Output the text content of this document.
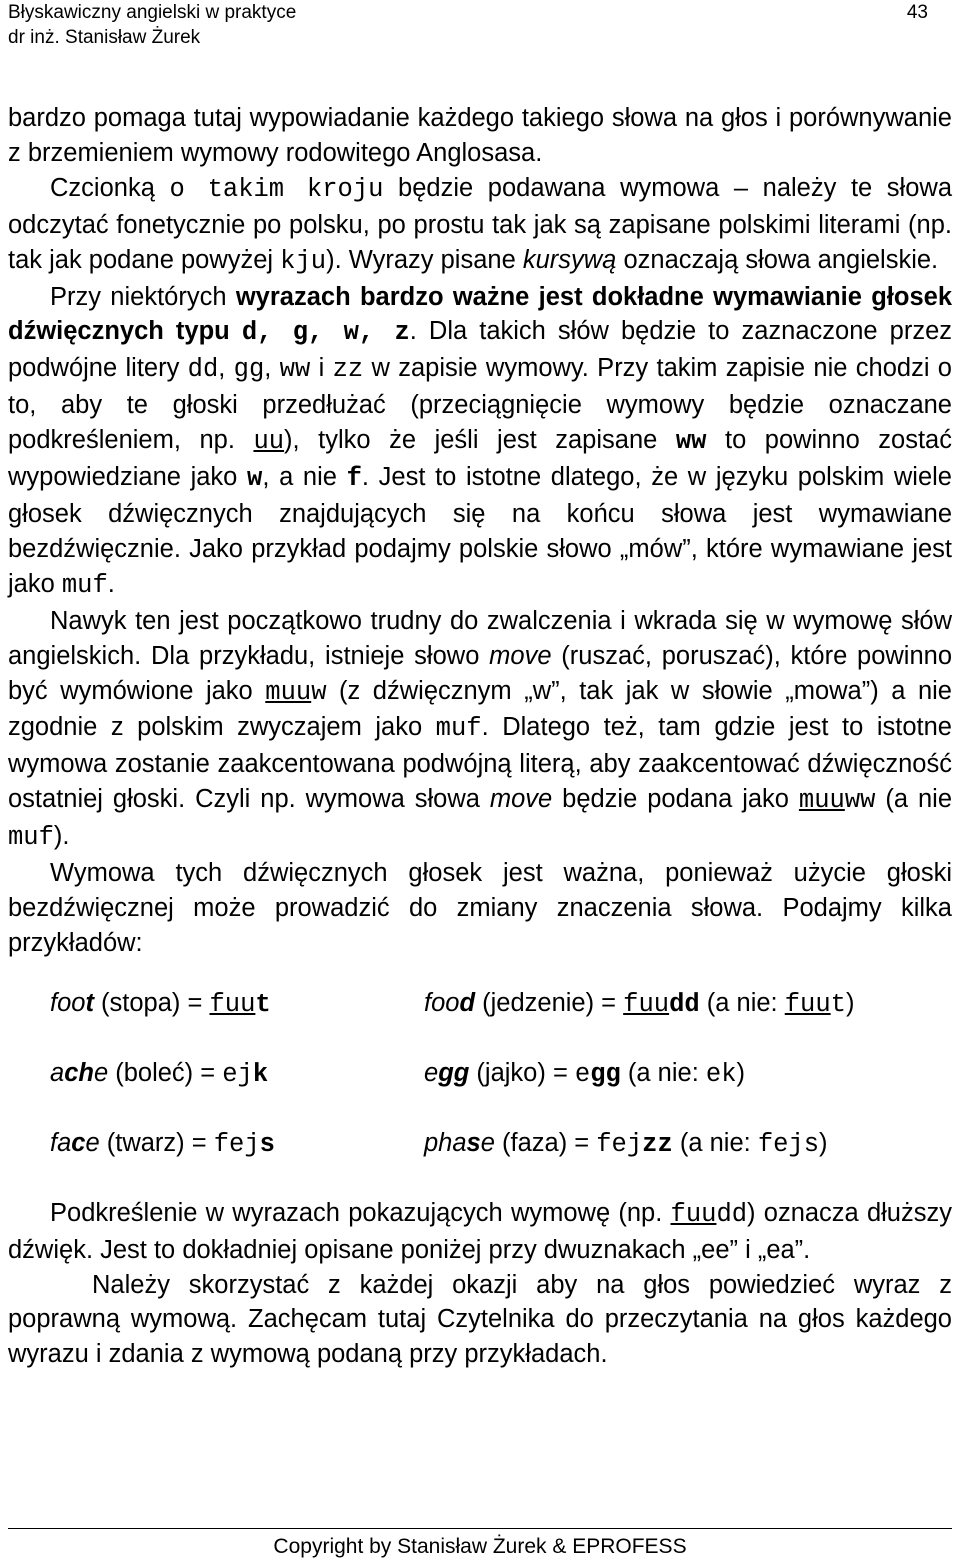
Błyskawiczny angielski w praktyce	43
dr inż. Stanisław Żurek

bardzo pomaga tutaj wypowiadanie każdego takiego słowa na głos i porównywanie z brzemieniem wymowy rodowitego Anglosasa.

Czcionką o takim kroju będzie podawana wymowa – należy te słowa odczytać fonetycznie po polsku, po prostu tak jak są zapisane polskimi literami (np. tak jak podane powyżej kju). Wyrazy pisane kursywą oznaczają słowa angielskie.

Przy niektórych wyrazach bardzo ważne jest dokładne wymawianie głosek dźwięcznych typu d, g, w, z. Dla takich słów będzie to zaznaczone przez podwójne litery dd, gg, ww i zz w zapisie wymowy. Przy takim zapisie nie chodzi o to, aby te głoski przedłużać (przeciągnięcie wymowy będzie oznaczane podkreśleniem, np. uu), tylko że jeśli jest zapisane ww to powinno zostać wypowiedziane jako w, a nie f. Jest to istotne dlatego, że w języku polskim wiele głosek dźwięcznych znajdujących się na końcu słowa jest wymawiane bezdźwięcznie. Jako przykład podajmy polskie słowo „mów”, które wymawiane jest jako muf.

Nawyk ten jest początkowo trudny do zwalczenia i wkrada się w wymowę słów angielskich. Dla przykładu, istnieje słowo move (ruszać, poruszać), które powinno być wymówione jako muuw (z dźwięcznym „w”, tak jak w słowie „mowa”) a nie zgodnie z polskim zwyczajem jako muf. Dlatego też, tam gdzie jest to istotne wymowa zostanie zaakcentowana podwójną literą, aby zaakcentować dźwięczność ostatniej głoski. Czyli np. wymowa słowa move będzie podana jako muuww (a nie muf).

Wymowa tych dźwięcznych głosek jest ważna, ponieważ użycie głoski bezdźwięcznej może prowadzić do zmiany znaczenia słowa. Podajmy kilka przykładów:

foot (stopa) = fuut	food (jedzenie) = fuudd (a nie: fuut)
ache (boleć) = ejk	egg (jajko) = egg (a nie: ek)
face (twarz) = fejs	phase (faza) = fejzz (a nie: fejs)

Podkreślenie w wyrazach pokazujących wymowę (np. fuudd) oznacza dłuższy dźwięk. Jest to dokładniej opisane poniżej przy dwuznakach „ee” i „ea”.

Należy skorzystać z każdej okazji aby na głos powiedzieć wyraz z poprawną wymową. Zachęcam tutaj Czytelnika do przeczytania na głos każdego wyrazu i zdania z wymową podaną przy przykładach.

Copyright by Stanisław Żurek & EPROFESS
